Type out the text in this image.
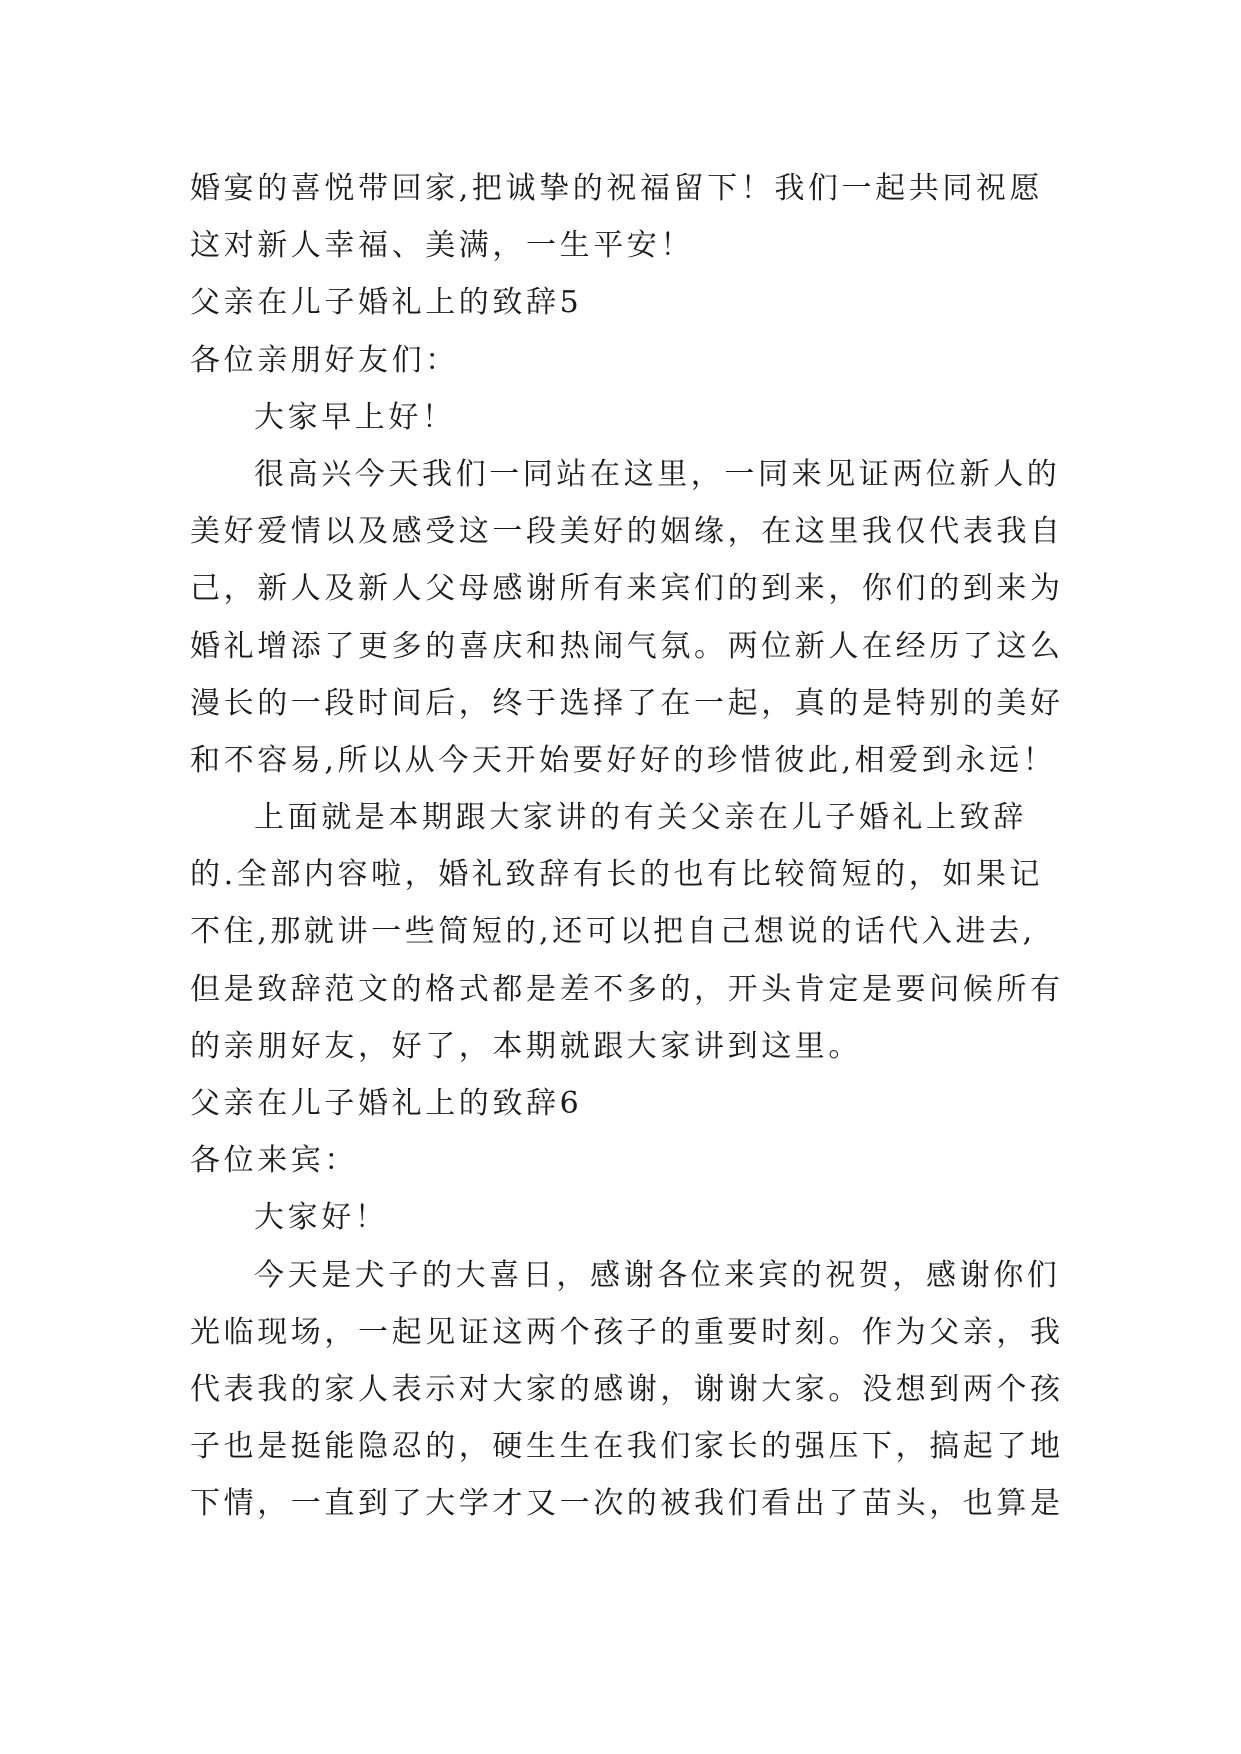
婚宴的喜悦带回家,把诚挚的祝福留下！我们一起共同祝愿
这对新人幸福、美满，一生平安！
父亲在儿子婚礼上的致辞5
各位亲朋好友们：
大家早上好！
很高兴今天我们一同站在这里，一同来见证两位新人的
美好爱情以及感受这一段美好的姻缘，在这里我仅代表我自
己，新人及新人父母感谢所有来宾们的到来，你们的到来为
婚礼增添了更多的喜庆和热闹气氛。两位新人在经历了这么
漫长的一段时间后，终于选择了在一起，真的是特别的美好
和不容易,所以从今天开始要好好的珍惜彼此,相爱到永远！
上面就是本期跟大家讲的有关父亲在儿子婚礼上致辞
的.全部内容啦，婚礼致辞有长的也有比较简短的，如果记
不住,那就讲一些简短的,还可以把自己想说的话代入进去,
但是致辞范文的格式都是差不多的，开头肯定是要问候所有
的亲朋好友，好了，本期就跟大家讲到这里。
父亲在儿子婚礼上的致辞6
各位来宾：
大家好！
今天是犬子的大喜日，感谢各位来宾的祝贺，感谢你们
光临现场，一起见证这两个孩子的重要时刻。作为父亲，我
代表我的家人表示对大家的感谢，谢谢大家。没想到两个孩
子也是挺能隐忍的，硬生生在我们家长的强压下，搞起了地
下情，一直到了大学才又一次的被我们看出了苗头，也算是
